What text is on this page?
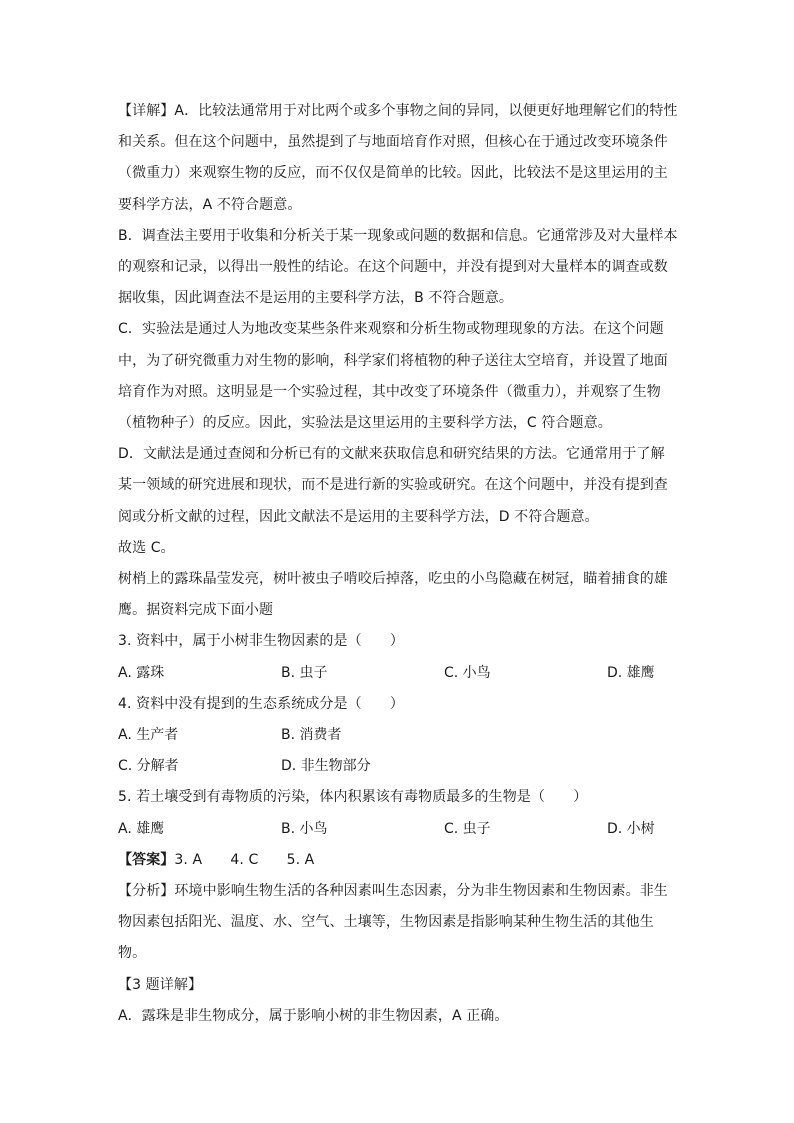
【详解】A．比较法通常用于对比两个或多个事物之间的异同，以便更好地理解它们的特性和关系。但在这个问题中，虽然提到了与地面培育作对照，但核心在于通过改变环境条件（微重力）来观察生物的反应，而不仅仅是简单的比较。因此，比较法不是这里运用的主要科学方法，A 不符合题意。

B．调查法主要用于收集和分析关于某一现象或问题的数据和信息。它通常涉及对大量样本的观察和记录，以得出一般性的结论。在这个问题中，并没有提到对大量样本的调查或数据收集，因此调查法不是运用的主要科学方法，B 不符合题意。

C．实验法是通过人为地改变某些条件来观察和分析生物或物理现象的方法。在这个问题中，为了研究微重力对生物的影响，科学家们将植物的种子送往太空培育，并设置了地面培育作为对照。这明显是一个实验过程，其中改变了环境条件（微重力），并观察了生物（植物种子）的反应。因此，实验法是这里运用的主要科学方法，C 符合题意。

D．文献法是通过查阅和分析已有的文献来获取信息和研究结果的方法。它通常用于了解某一领域的研究进展和现状，而不是进行新的实验或研究。在这个问题中，并没有提到查阅或分析文献的过程，因此文献法不是运用的主要科学方法，D 不符合题意。

故选 C。

树梢上的露珠晶莹发亮，树叶被虫子啃咬后掉落，吃虫的小鸟隐藏在树冠，瞄着捕食的雄鹰。据资料完成下面小题

3. 资料中，属于小树非生物因素的是（　　）

A. 露珠	B. 虫子	C. 小鸟	D. 雄鹰

4. 资料中没有提到的生态系统成分是（　　）

A. 生产者	B. 消费者
C. 分解者	D. 非生物部分

5. 若土壤受到有毒物质的污染，体内积累该有毒物质最多的生物是（　　）

A. 雄鹰	B. 小鸟	C. 虫子	D. 小树

【答案】3. A　　4. C　　5. A

【分析】环境中影响生物生活的各种因素叫生态因素，分为非生物因素和生物因素。非生物因素包括阳光、温度、水、空气、土壤等，生物因素是指影响某种生物生活的其他生物。

【3 题详解】

A．露珠是非生物成分，属于影响小树的非生物因素，A 正确。
